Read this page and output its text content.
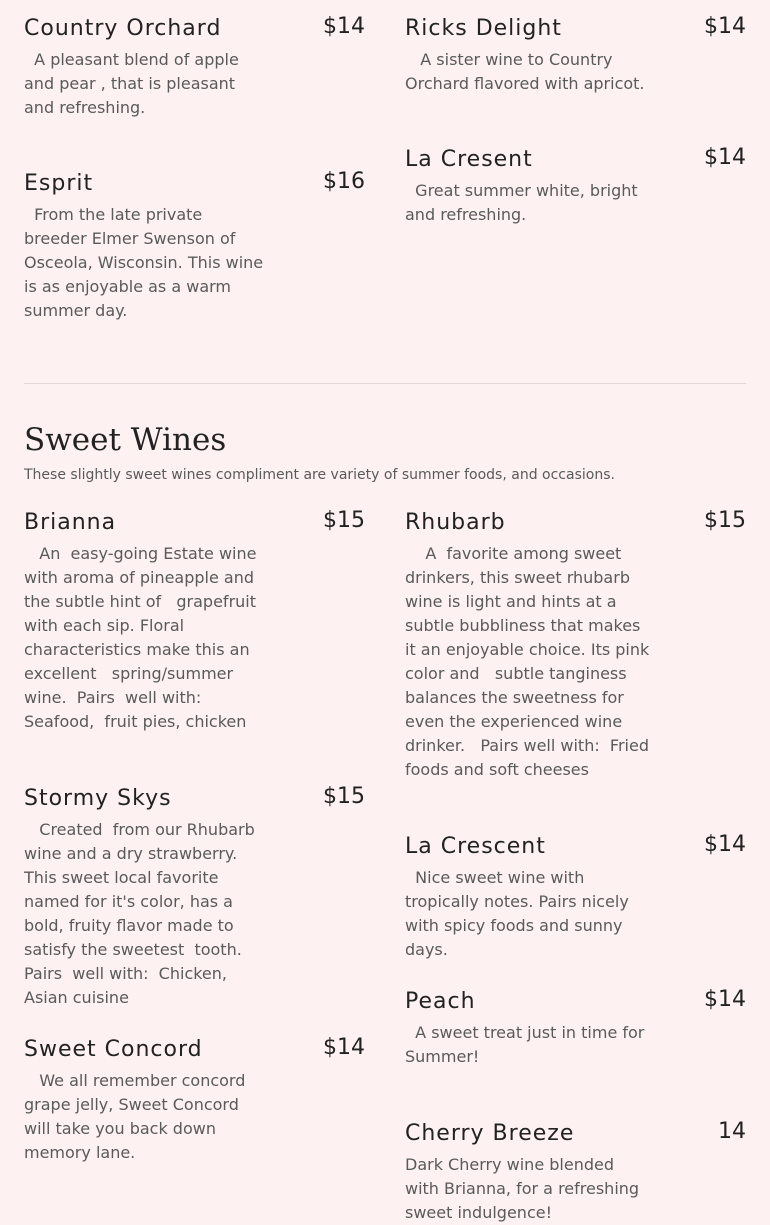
Country Orchard	$14
A pleasant blend of apple and pear , that is pleasant and refreshing.
Esprit	$16
From the late private breeder Elmer Swenson of Osceola, Wisconsin. This wine is as enjoyable as a warm summer day.
Ricks Delight	$14
A sister wine to Country Orchard flavored with apricot.
La Cresent	$14
Great summer white, bright and refreshing.
Sweet Wines
These slightly sweet wines compliment are variety of summer foods, and occasions.
Brianna	$15
An  easy-going Estate wine with aroma of pineapple and the subtle hint of   grapefruit with each sip. Floral characteristics make this an excellent   spring/summer wine.  Pairs  well with:   Seafood,  fruit pies, chicken
Stormy Skys	$15
Created  from our Rhubarb wine and a dry strawberry. This sweet local favorite  named for it's color, has a bold, fruity flavor made to satisfy the sweetest  tooth.   Pairs  well with:  Chicken,  Asian cuisine
Sweet Concord	$14
We all remember concord grape jelly, Sweet Concord will take you back down memory lane.
Rhubarb	$15
A  favorite among sweet drinkers, this sweet rhubarb wine is light and hints at a subtle bubbliness that makes it an enjoyable choice. Its pink color and   subtle tanginess balances the sweetness for even the experienced wine drinker.   Pairs well with:  Fried foods and soft cheeses
La Crescent	$14
Nice sweet wine with tropically notes. Pairs nicely with spicy foods and sunny days.
Peach	$14
A sweet treat just in time for Summer!
Cherry Breeze	14
Dark Cherry wine blended with Brianna, for a refreshing sweet indulgence!
